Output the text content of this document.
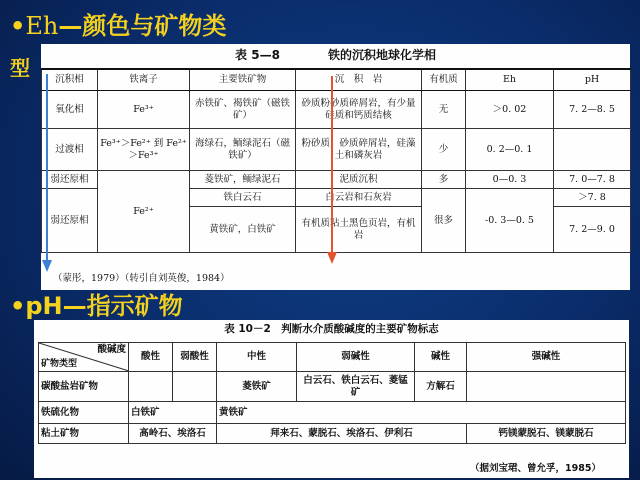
•Eh—颜色与矿物类
型
表 5—8	铁的沉积地球化学相
沉积相	铁离子	主要铁矿物	沉　积　岩	有机质	Eh	pH
氧化相	Fe³⁺	赤铁矿、褐铁矿（磁铁矿）	砂质粉砂质碎屑岩，有少量硅质和钙质结核	无	＞0. 02	7. 2—8. 5
过渡相	Fe³⁺＞Fe²⁺ 到 Fe²⁺＞Fe³⁺	海绿石，鲕绿泥石（磁铁矿）	粉砂质，砂质碎屑岩，硅藻土和磷灰岩	少	0. 2—0. 1	
弱还原相	Fe²⁺	菱铁矿，鲕绿泥石	泥质沉积	多	0—0. 3	7. 0—7. 8
弱还原相		铁白云石	白云岩和石灰岩	很多	-0. 3—0. 5	＞7. 8
		黄铁矿，白铁矿	有机质粘土黑色页岩，有机岩			7. 2—9. 0
（蒙彤，1979）（转引自刘英俊，1984）
•pH—指示矿物
表 10－2　判断水介质酸碱度的主要矿物标志
酸碱度
矿物类型	酸性	弱酸性	中性	弱碱性	碱性	强碱性
碳酸盐岩矿物			菱铁矿	白云石、铁白云石、菱锰矿	方解石	
铁硫化物	白铁矿		黄铁矿			
粘土矿物	高岭石、埃洛石		拜来石、蒙脱石、埃洛石、伊利石			钙镁蒙脱石、镁蒙脱石
（据刘宝珺、曾允孚，1985）
